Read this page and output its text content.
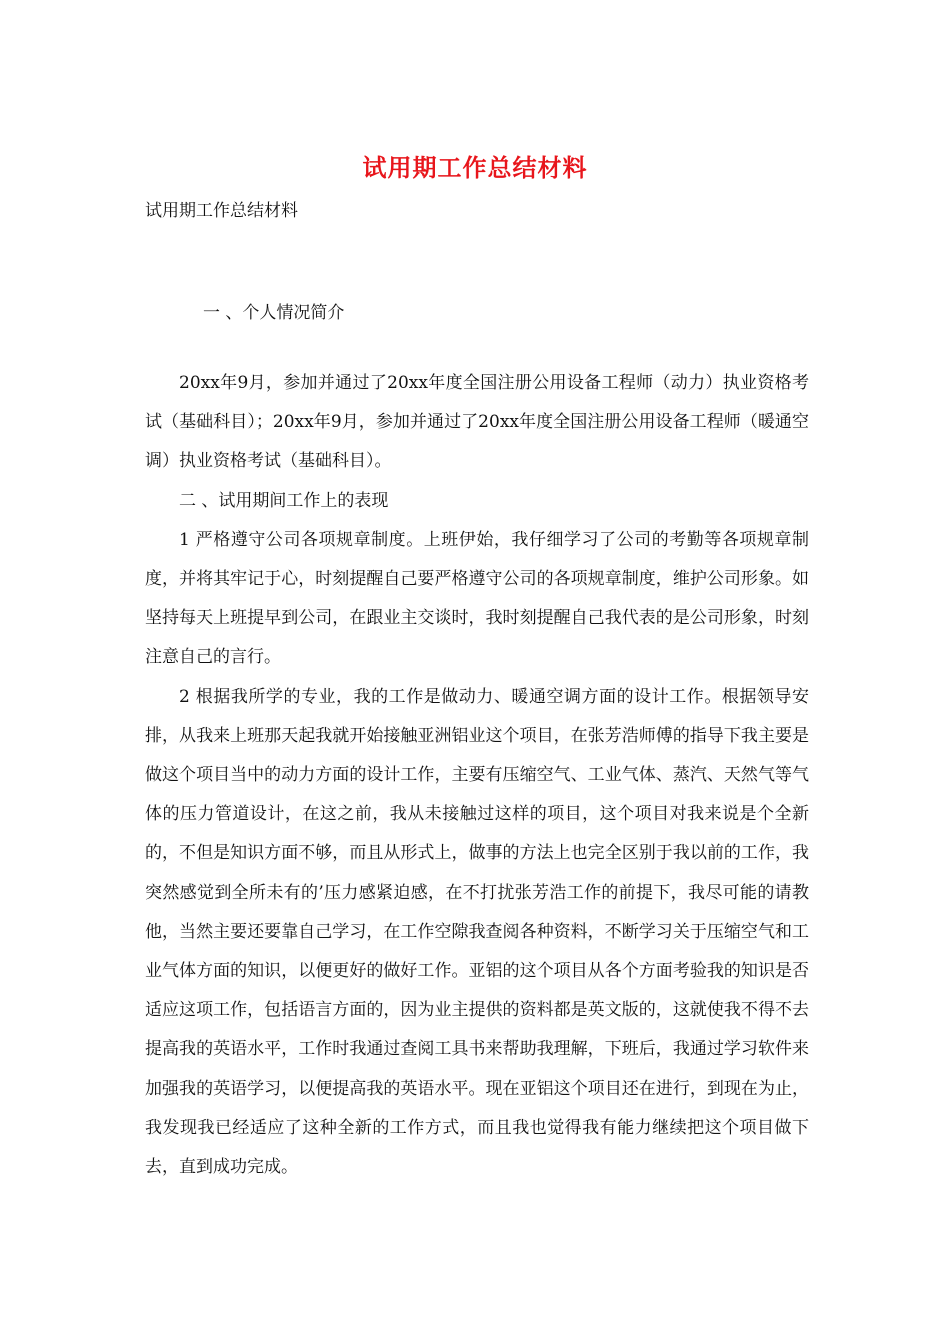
试用期工作总结材料
试用期工作总结材料
一 、个人情况简介

20xx年9月，参加并通过了20xx年度全国注册公用设备工程师（动力）执业资格考试（基础科目）；20xx年9月，参加并通过了20xx年度全国注册公用设备工程师（暖通空调）执业资格考试（基础科目）。

二 、试用期间工作上的表现

1 严格遵守公司各项规章制度。上班伊始，我仔细学习了公司的考勤等各项规章制度，并将其牢记于心，时刻提醒自己要严格遵守公司的各项规章制度，维护公司形象。如坚持每天上班提早到公司，在跟业主交谈时，我时刻提醒自己我代表的是公司形象，时刻注意自己的言行。

2 根据我所学的专业，我的工作是做动力、暖通空调方面的设计工作。根据领导安排，从我来上班那天起我就开始接触亚洲铝业这个项目，在张芳浩师傅的指导下我主要是做这个项目当中的动力方面的设计工作，主要有压缩空气、工业气体、蒸汽、天然气等气体的压力管道设计，在这之前，我从未接触过这样的项目，这个项目对我来说是个全新的，不但是知识方面不够，而且从形式上，做事的方法上也完全区别于我以前的工作，我突然感觉到全所未有的’压力感紧迫感，在不打扰张芳浩工作的前提下，我尽可能的请教他，当然主要还要靠自己学习，在工作空隙我查阅各种资料，不断学习关于压缩空气和工业气体方面的知识，以便更好的做好工作。亚铝的这个项目从各个方面考验我的知识是否适应这项工作，包括语言方面的，因为业主提供的资料都是英文版的，这就使我不得不去提高我的英语水平，工作时我通过查阅工具书来帮助我理解，下班后，我通过学习软件来加强我的英语学习，以便提高我的英语水平。现在亚铝这个项目还在进行，到现在为止，我发现我已经适应了这种全新的工作方式，而且我也觉得我有能力继续把这个项目做下去，直到成功完成。
